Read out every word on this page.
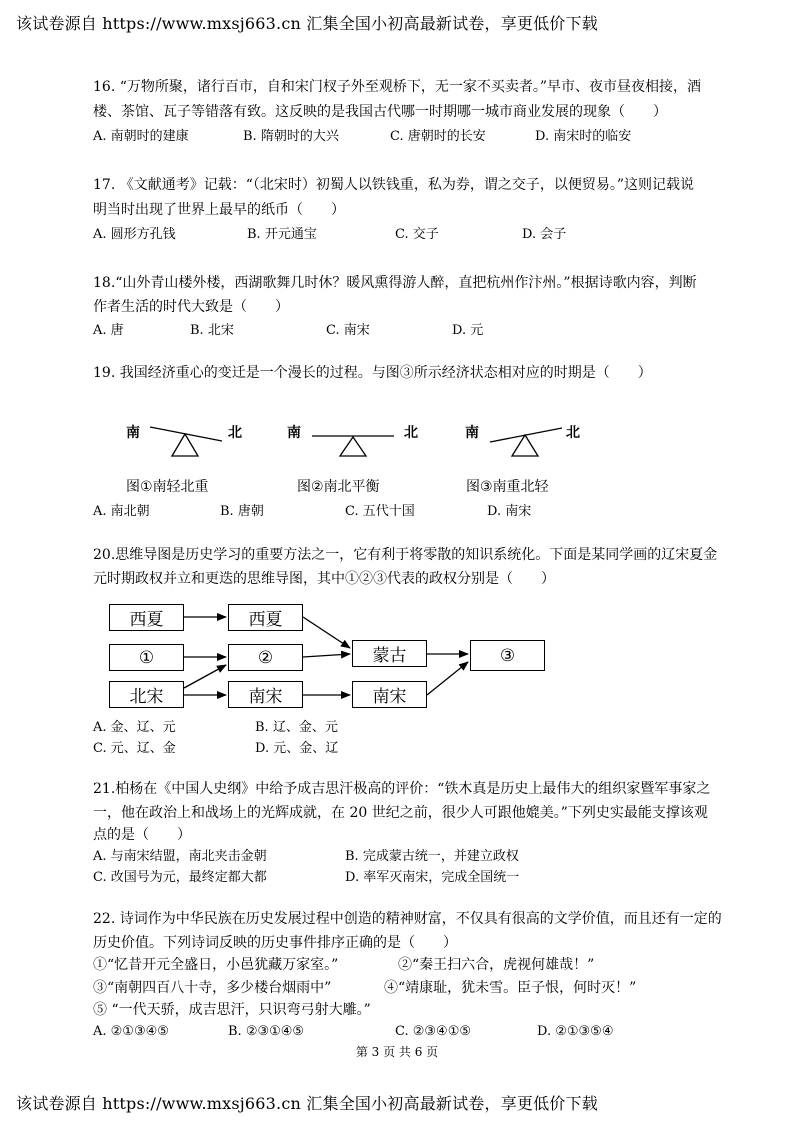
该试卷源自 https://www.mxsj663.cn 汇集全国小初高最新试卷，享更低价下载
16. “万物所聚，诸行百市，自和宋门杈子外至观桥下，无一家不买卖者。”早市、夜市昼夜相接，酒
楼、茶馆、瓦子等错落有致。这反映的是我国古代哪一时期哪一城市商业发展的现象（　　）
A. 南朝时的建康	B. 隋朝时的大兴	C. 唐朝时的长安	D. 南宋时的临安
17. 《文献通考》记载：“（北宋时）初蜀人以铁钱重，私为券，谓之交子，以便贸易。”这则记载说
明当时出现了世界上最早的纸币（　　）
A. 圆形方孔钱	B. 开元通宝	C. 交子	D. 会子
18.“山外青山楼外楼，西湖歌舞几时休？暖风熏得游人醉，直把杭州作汴州。”根据诗歌内容，判断
作者生活的时代大致是（　　）
A. 唐	B. 北宋	C. 南宋	D. 元
19. 我国经济重心的变迁是一个漫长的过程。与图③所示经济状态相对应的时期是（　　）
南	北	南	北	南	北
图①南轻北重	图②南北平衡	图③南重北轻
A. 南北朝	B. 唐朝	C. 五代十国	D. 南宋
20.思维导图是历史学习的重要方法之一，它有利于将零散的知识系统化。下面是某同学画的辽宋夏金
元时期政权并立和更迭的思维导图，其中①②③代表的政权分别是（　　）
西夏	西夏
①	②	蒙古	③
北宋	南宋	南宋
A. 金、辽、元	B. 辽、金、元
C. 元、辽、金	D. 元、金、辽
21.柏杨在《中国人史纲》中给予成吉思汗极高的评价：“铁木真是历史上最伟大的组织家暨军事家之
一，他在政治上和战场上的光辉成就，在 20 世纪之前，很少人可跟他媲美。”下列史实最能支撑该观
点的是（　　）
A. 与南宋结盟，南北夹击金朝	B. 完成蒙古统一，并建立政权
C. 改国号为元，最终定都大都	D. 率军灭南宋，完成全国统一
22. 诗词作为中华民族在历史发展过程中创造的精神财富，不仅具有很高的文学价值，而且还有一定的
历史价值。下列诗词反映的历史事件排序正确的是（　　）
①“忆昔开元全盛日，小邑犹藏万家室。”	②“秦王扫六合，虎视何雄哉！”
③“南朝四百八十寺，多少楼台烟雨中”	④“靖康耻，犹未雪。臣子恨，何时灭！”
⑤ “一代天骄，成吉思汗，只识弯弓射大雕。”
A. ②①③④⑤	B. ②③①④⑤	C. ②③④①⑤	D. ②①③⑤④
第 3 页 共 6 页
该试卷源自 https://www.mxsj663.cn 汇集全国小初高最新试卷，享更低价下载
